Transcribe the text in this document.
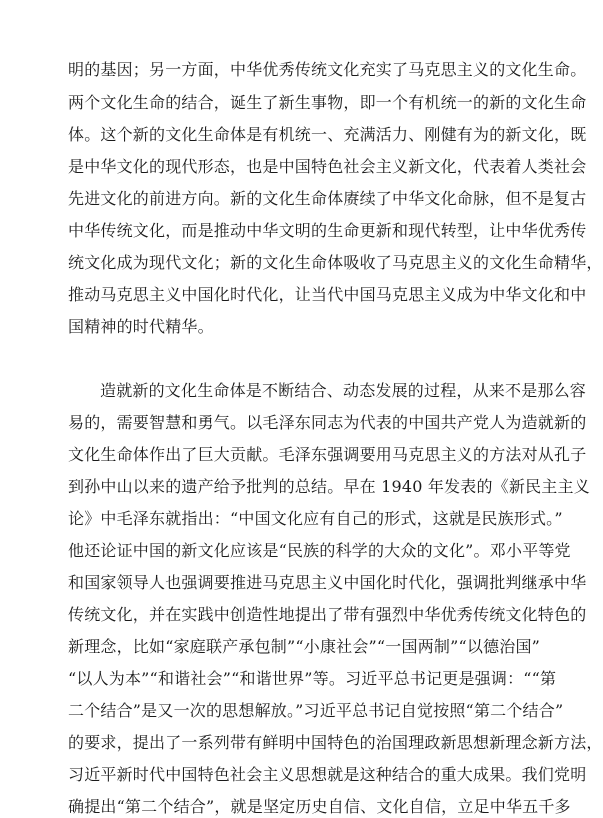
明的基因；另一方面，中华优秀传统文化充实了马克思主义的文化生命。
两个文化生命的结合，诞生了新生事物，即一个有机统一的新的文化生命
体。这个新的文化生命体是有机统一、充满活力、刚健有为的新文化，既
是中华文化的现代形态，也是中国特色社会主义新文化，代表着人类社会
先进文化的前进方向。新的文化生命体赓续了中华文化命脉，但不是复古
中华传统文化，而是推动中华文明的生命更新和现代转型，让中华优秀传
统文化成为现代文化；新的文化生命体吸收了马克思主义的文化生命精华，
推动马克思主义中国化时代化，让当代中国马克思主义成为中华文化和中
国精神的时代精华。
造就新的文化生命体是不断结合、动态发展的过程，从来不是那么容
易的，需要智慧和勇气。以毛泽东同志为代表的中国共产党人为造就新的
文化生命体作出了巨大贡献。毛泽东强调要用马克思主义的方法对从孔子
到孙中山以来的遗产给予批判的总结。早在 1940 年发表的《新民主主义
论》中毛泽东就指出：“中国文化应有自己的形式，这就是民族形式。”
他还论证中国的新文化应该是“民族的科学的大众的文化”。邓小平等党
和国家领导人也强调要推进马克思主义中国化时代化，强调批判继承中华
传统文化，并在实践中创造性地提出了带有强烈中华优秀传统文化特色的
新理念，比如“家庭联产承包制”“小康社会”“一国两制”“以德治国”
“以人为本”“和谐社会”“和谐世界”等。习近平总书记更是强调：““第
二个结合”是又一次的思想解放。”习近平总书记自觉按照“第二个结合”
的要求，提出了一系列带有鲜明中国特色的治国理政新思想新理念新方法，
习近平新时代中国特色社会主义思想就是这种结合的重大成果。我们党明
确提出“第二个结合”，就是坚定历史自信、文化自信，立足中华五千多
